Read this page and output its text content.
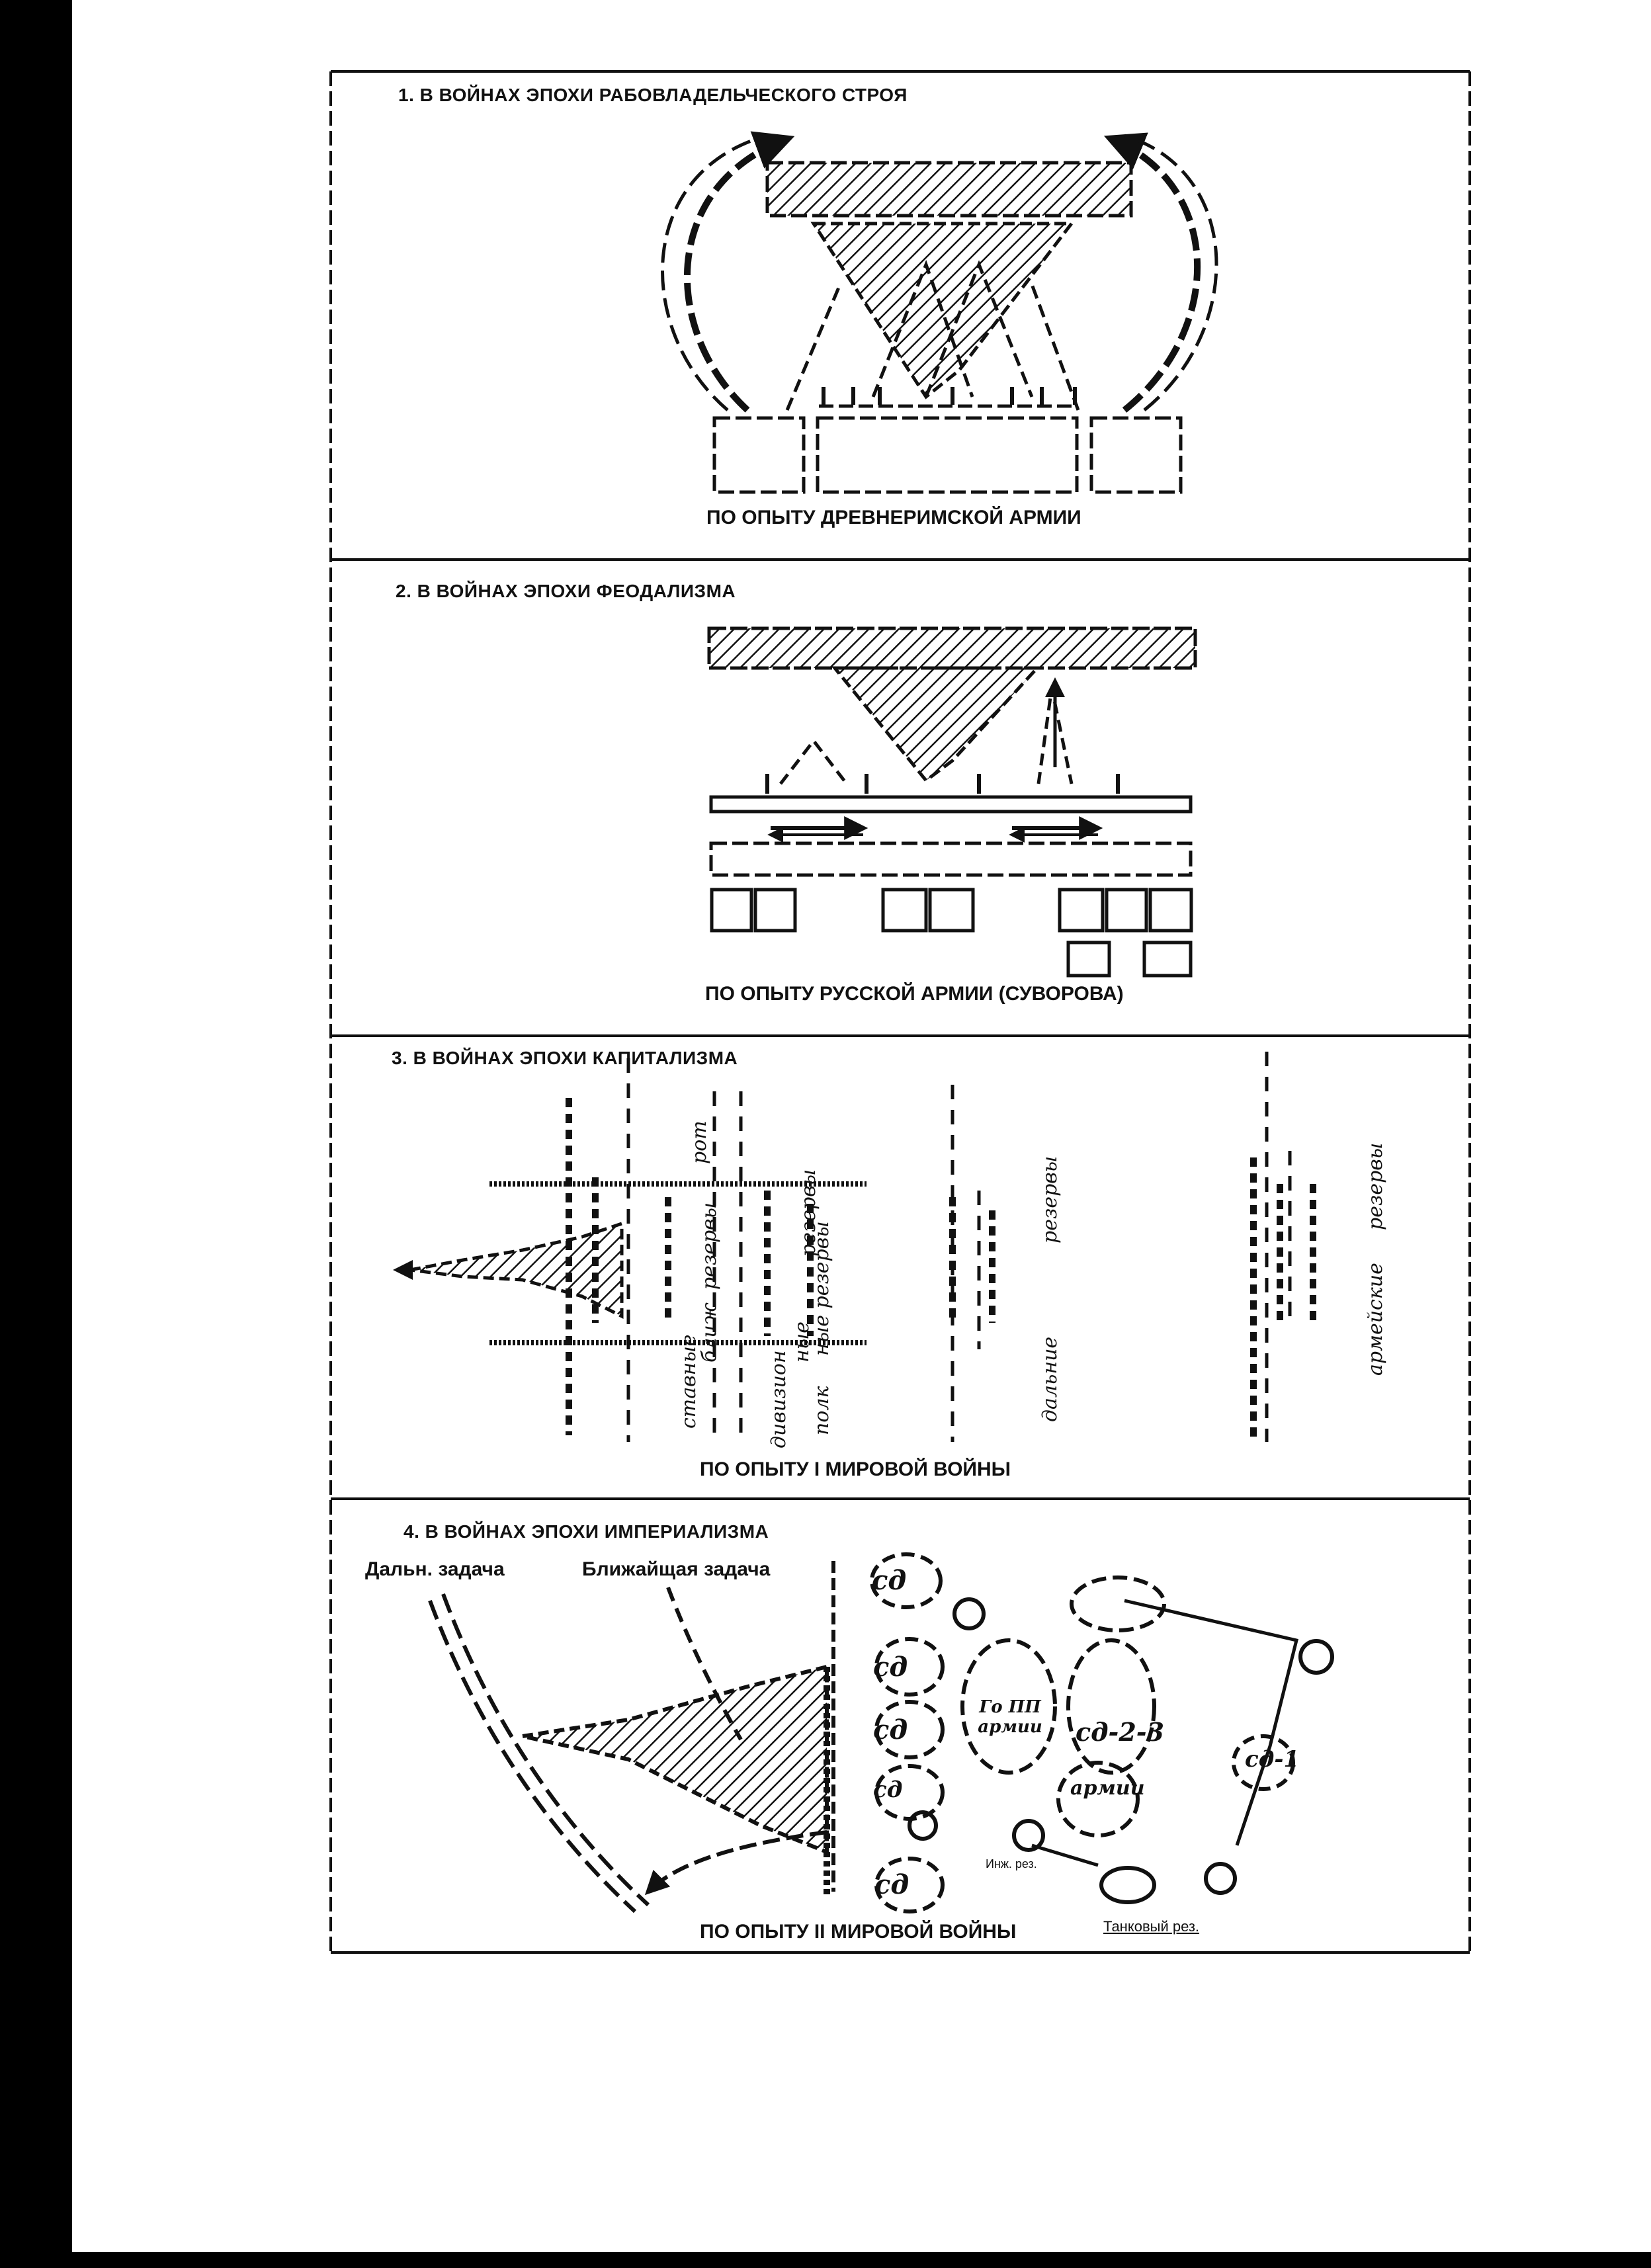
1. В ВОЙНАХ ЭПОХИ РАБОВЛАДЕЛЬЧЕСКОГО СТРОЯ
ПО ОПЫТУ ДРЕВНЕРИМСКОЙ АРМИИ
2. В ВОЙНАХ ЭПОХИ ФЕОДАЛИЗМА
ПО ОПЫТУ РУССКОЙ АРМИИ (СУВОРОВА)
3. В ВОЙНАХ ЭПОХИ КАПИТАЛИЗМА
ПО ОПЫТУ I МИРОВОЙ ВОЙНЫ
4. В ВОЙНАХ ЭПОХИ ИМПЕРИАЛИЗМА
ПО ОПЫТУ II МИРОВОЙ ВОЙНЫ
рот
ставные
ближ. резервы
дивизион
ные
резервы
полк
ные резервы
дальние
резервы
армейские
резервы
Дальн. задача	Ближайщая задача	сд
сд
сд
сд
сд
сд-2-3
сд-1
Го ПП армии
армии
Инж. рез.
Танковый рез.
